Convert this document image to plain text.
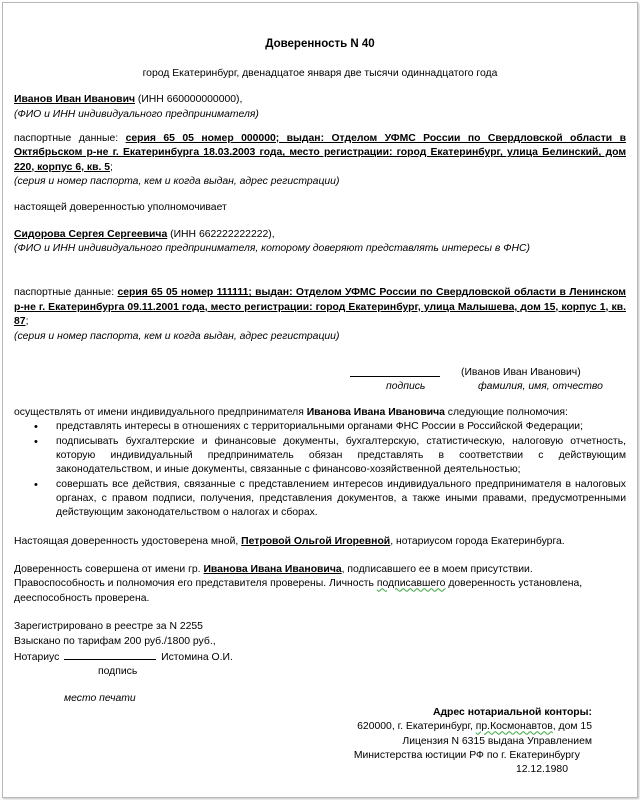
Доверенность N 40

город Екатеринбург, двенадцатое января две тысячи одиннадцатого года

Иванов Иван Иванович (ИНН 660000000000),

(ФИО и ИНН индивидуального предпринимателя)

паспортные данные: серия 65 05 номер 000000; выдан: Отделом УФМС России по Свердловской области в Октябрьском р-не г. Екатеринбурга 18.03.2003 года, место регистрации: город Екатеринбург, улица Белинский, дом 220, корпус 6, кв. 5;

(серия и номер паспорта, кем и когда выдан, адрес регистрации)

настоящей доверенностью уполномочивает

Сидорова Сергея Сергеевича (ИНН 662222222222),

(ФИО и ИНН индивидуального предпринимателя, которому доверяют представлять интересы в ФНС)

паспортные данные: серия 65 05 номер 111111; выдан: Отделом УФМС России по Свердловской области в Ленинском р-не г. Екатеринбурга 09.11.2001 года, место регистрации: город Екатеринбург, улица Малышева, дом 15, корпус 1, кв. 87;

(серия и номер паспорта, кем и когда выдан, адрес регистрации)

(Иванов Иван Иванович)
подпись	фамилия, имя, отчество

осуществлять от имени индивидуального предпринимателя Иванова Ивана Ивановича следующие полномочия:

• представлять интересы в отношениях с территориальными органами ФНС России в Российской Федерации;
• подписывать бухгалтерские и финансовые документы, бухгалтерскую, статистическую, налоговую отчетность, которую индивидуальный предприниматель обязан представлять в соответствии с действующим законодательством, и иные документы, связанные с финансово-хозяйственной деятельностью;
• совершать все действия, связанные с представлением интересов индивидуального предпринимателя в налоговых органах, с правом подписи, получения, представления документов, а также иными правами, предусмотренными действующим законодательством о налогах и сборах.

Настоящая доверенность удостоверена мной, Петровой Ольгой Игоревной, нотариусом города Екатеринбурга.

Доверенность совершена от имени гр. Иванова Ивана Ивановича, подписавшего ее в моем присутствии.

Правоспособность и полномочия его представителя проверены. Личность подписавшего доверенность установлена, дееспособность проверена.

Зарегистрировано в реестре за N 2255

Взыскано по тарифам 200 руб./1800 руб.,

Нотариус	Истомина О.И.

подпись

место печати

Адрес нотариальной конторы:

620000, г. Екатеринбург, пр.Космонавтов, дом 15

Лицензия N 6315 выдана Управлением

Министерства юстиции РФ по г. Екатеринбургу

12.12.1980
